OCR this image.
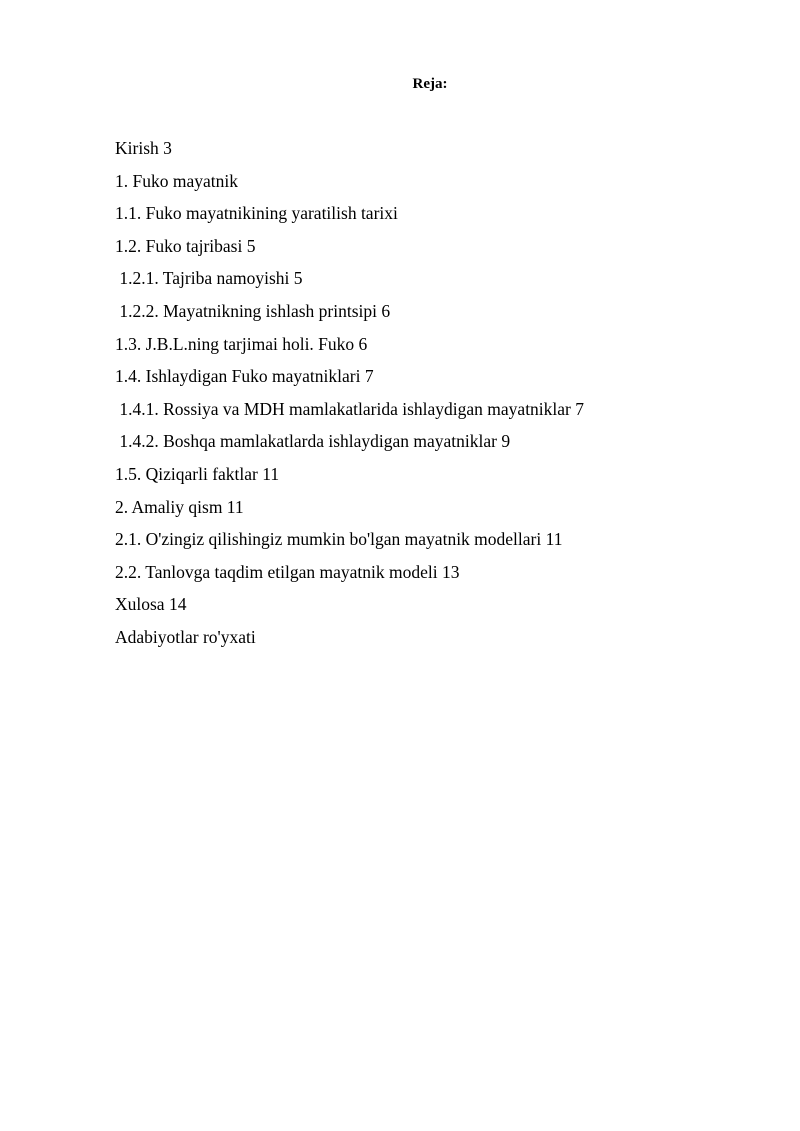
Reja:
Kirish 3
1. Fuko mayatnik
1.1. Fuko mayatnikining yaratilish tarixi
1.2. Fuko tajribasi 5
1.2.1. Tajriba namoyishi 5
1.2.2. Mayatnikning ishlash printsipi 6
1.3. J.B.L.ning tarjimai holi. Fuko 6
1.4. Ishlaydigan Fuko mayatniklari 7
1.4.1. Rossiya va MDH mamlakatlarida ishlaydigan mayatniklar 7
1.4.2. Boshqa mamlakatlarda ishlaydigan mayatniklar 9
1.5. Qiziqarli faktlar 11
2. Amaliy qism 11
2.1. O'zingiz qilishingiz mumkin bo'lgan mayatnik modellari 11
2.2. Tanlovga taqdim etilgan mayatnik modeli 13
Xulosa 14
Adabiyotlar ro'yxati
